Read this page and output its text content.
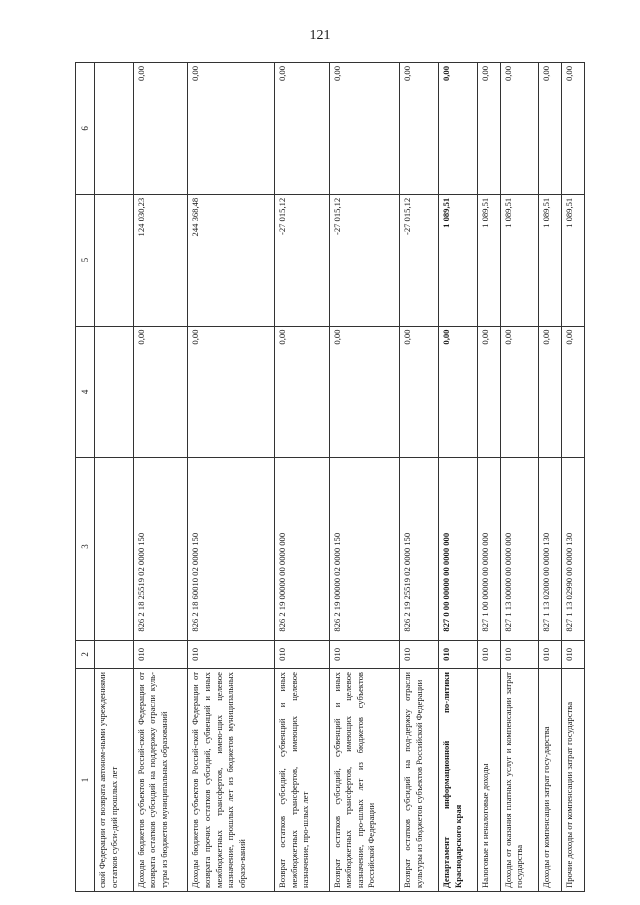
121
1	2	3	4	5	6
ской Федерации от возврата автоном-ными учреждениями остатков субси-дий прошлых лет					
Доходы бюджетов субъектов Россий-ской Федерации от возврата остатков субсидий на поддержку отрасли куль-туры из бюджетов муниципальных образований	010	826 2 18 25519 02 0000 150	0,00	124 030,23	0,00
Доходы бюджетов субъектов Россий-ской Федерации от возврата прочих остатков субсидий, субвенций и иных межбюджетных трансфертов, имею-щих целевое назначение, прошлых лет из бюджетов муниципальных образо-ваний	010	826 2 18 60010 02 0000 150	0,00	244 368,48	0,00
Возврат остатков субсидий, субвенций и иных межбюджетных трансфертов, имеющих целевое назначение, про-шлых лет	010	826 2 19 00000 00 0000 000	0,00	-27 015,12	0,00
Возврат остатков субсидий, субвенций и иных межбюджетных трансфертов, имеющих целевое назначение, про-шлых лет из бюджетов субъектов Российской Федерации	010	826 2 19 00000 02 0000 150	0,00	-27 015,12	0,00
Возврат остатков субсидий на под-держку отрасли культуры из бюджетов субъектов Российской Федерации	010	826 2 19 25519 02 0000 150	0,00	-27 015,12	0,00
Департамент информационной по-литики Краснодарского края	010	827 0 00 00000 00 0000 000	0,00	1 089,51	0,00
Налоговые и неналоговые доходы	010	827 1 00 00000 00 0000 000	0,00	1 089,51	0,00
Доходы от оказания платных услуг и компенсации затрат государства	010	827 1 13 00000 00 0000 000	0,00	1 089,51	0,00
Доходы от компенсации затрат госу-дарства	010	827 1 13 02000 00 0000 130	0,00	1 089,51	0,00
Прочие доходы от компенсации затрат государства	010	827 1 13 02990 00 0000 130	0,00	1 089,51	0,00
